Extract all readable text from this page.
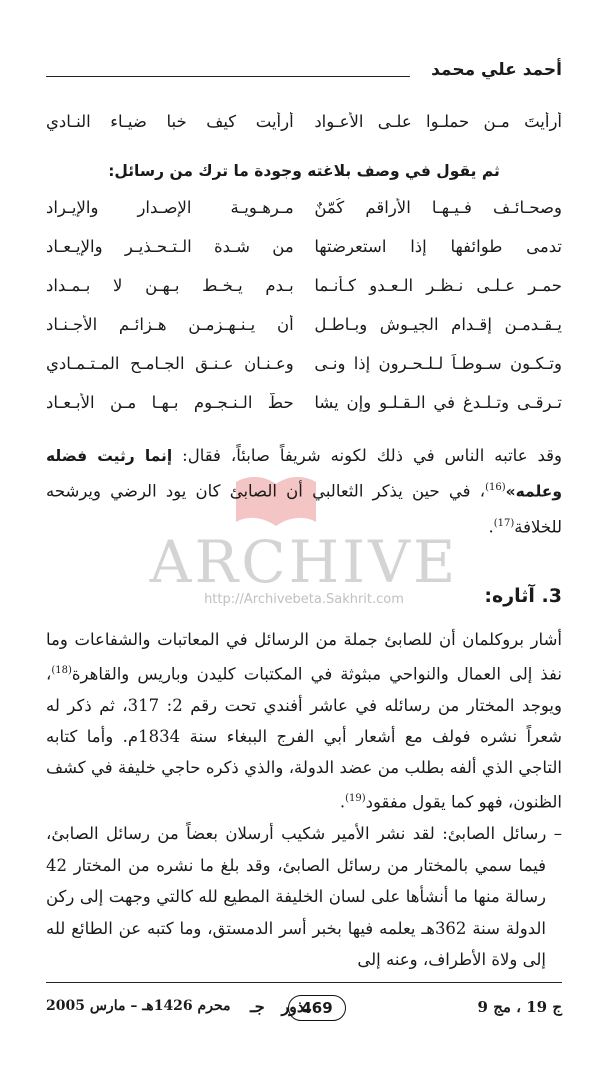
أحمد علي محمد
أرأيتَ مـن حملـوا علـى الأعـواد
أرأيت كيف خبا ضيـاء النـادي
ثم يقول في وصف بلاغته وجودة ما ترك من رسائل:
وصحـائـف فـيـهـا الأراقم كُمّنٌ
مـرهـويـة الإصـدار والإيـراد
تدمى طوائفها إذا استعرضتها
من شـدة الـتـحـذيـر والإيـعـاد
حمـر عـلـى نـظـر الـعـدو كـأنـما
بـدم يـخـط بـهـن لا بـمـداد
يـقـدمـن إقـدام الجيـوش وبـاطـل
أن يـنـهـزمـن هـزائـم الأجـنـاد
وتـكـون سـوطـاً لـلـحـرون إذا ونـى
وعـنـان عـنـق الجـامـح المـتـمـادي
تـرقـى وتـلـدغ في الـقـلـو وإن يشا
حطّ الـنـجـوم بـهـا مـن الأبـعـاد
ARCHIVE
http://Archivebeta.Sakhrit.com
وقد عاتبه الناس في ذلك لكونه شريفاً صابئاً، فقال: إنما رثيت فضله وعلمه»$^{(16)}$، في حين يذكر الثعالبي أن الصابئ كان يود الرضي ويرشحه للخلافة$^{(17)}$.
3. آثاره:
أشار بروكلمان أن للصابئ جملة من الرسائل في المعاتبات والشفاعات وما نفذ إلى العمال والنواحي مبثوثة في المكتبات كليدن وباريس والقاهرة$^{(18)}$، ويوجد المختار من رسائله في عاشر أفندي تحت رقم 2: 317، ثم ذكر له شعراً نشره فولف مع أشعار أبي الفرج الببغاء سنة 1834م. وأما كتابه التاجي الذي ألفه بطلب من عضد الدولة، والذي ذكره حاجي خليفة في كشف الظنون، فهو كما يقول مفقود$^{(19)}$.
– رسائل الصابئ: لقد نشر الأمير شكيب أرسلان بعضاً من رسائل الصابئ، فيما سمي بالمختار من رسائل الصابئ، وقد بلغ ما نشره من المختار 42 رسالة منها ما أنشأها على لسان الخليفة المطيع لله كالتي وجهت إلى ركن الدولة سنة 362هـ يعلمه فيها بخبر أسر الدمستق، وما كتبه عن الطائع لله إلى ولاة الأطراف، وعنه إلى
ج 19 ، مج 9
ـذور
469
جـ
محرم 1426هـ – مارس 2005
